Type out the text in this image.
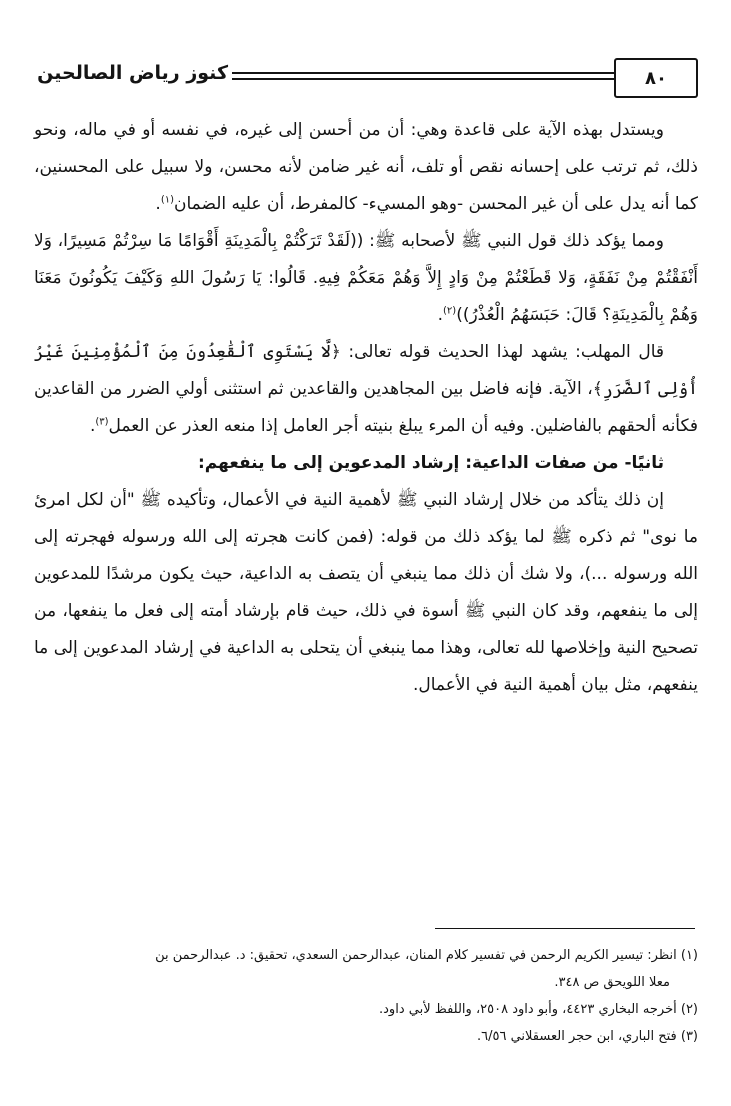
٨٠
كنوز رياض الصالحين

ويستدل بهذه الآية على قاعدة وهي: أن من أحسن إلى غيره، في نفسه أو في ماله، ونحو ذلك، ثم ترتب على إحسانه نقص أو تلف، أنه غير ضامن لأنه محسن، ولا سبيل على المحسنين، كما أنه يدل على أن غير المحسن -وهو المسيء- كالمفرط، أن عليه الضمان$^{(١)}$.

ومما يؤكد ذلك قول النبي ﷺ لأصحابه ﷺ: ((لَقَدْ تَرَكْتُمْ بِالْمَدِينَةِ أَقْوَامًا مَا سِرْتُمْ مَسِيرًا، وَلا أَنْفَقْتُمْ مِنْ نَفَقَةٍ، وَلا قَطَعْتُمْ مِنْ وَادٍ إِلاَّ وَهُمْ مَعَكُمْ فِيهِ. قَالُوا: يَا رَسُولَ اللهِ وَكَيْفَ يَكُونُونَ مَعَنَا وَهُمْ بِالْمَدِينَةِ؟ قَالَ: حَبَسَهُمُ الْعُذْرُ))$^{(٢)}$.

قال المهلب: يشهد لهذا الحديث قوله تعالى: ﴿لَّا يَسْتَوِى ٱلْقَٰعِدُونَ مِنَ ٱلْمُؤْمِنِينَ غَيْرُ أُوْلِى ٱلضَّرَرِ﴾، الآية. فإنه فاضل بين المجاهدين والقاعدين ثم استثنى أولي الضرر من القاعدين فكأنه ألحقهم بالفاضلين. وفيه أن المرء يبلغ بنيته أجر العامل إذا منعه العذر عن العمل$^{(٣)}$.

ثانيًا- من صفات الداعية: إرشاد المدعوين إلى ما ينفعهم:

إن ذلك يتأكد من خلال إرشاد النبي ﷺ لأهمية النية في الأعمال، وتأكيده ﷺ "أن لكل امرئ ما نوى" ثم ذكره ﷺ لما يؤكد ذلك من قوله: (فمن كانت هجرته إلى الله ورسوله فهجرته إلى الله ورسوله ...)، ولا شك أن ذلك مما ينبغي أن يتصف به الداعية، حيث يكون مرشدًا للمدعوين إلى ما ينفعهم، وقد كان النبي ﷺ أسوة في ذلك، حيث قام بإرشاد أمته إلى فعل ما ينفعها، من تصحيح النية وإخلاصها لله تعالى، وهذا مما ينبغي أن يتحلى به الداعية في إرشاد المدعوين إلى ما ينفعهم، مثل بيان أهمية النية في الأعمال.

(١) انظر: تيسير الكريم الرحمن في تفسير كلام المنان، عبدالرحمن السعدي، تحقيق: د. عبدالرحمن بن

معلا اللويحق ص ٣٤٨.

(٢) أخرجه البخاري ٤٤٢٣، وأبو داود ٢٥٠٨، واللفظ لأبي داود.

(٣) فتح الباري، ابن حجر العسقلاني ٦/٥٦.
